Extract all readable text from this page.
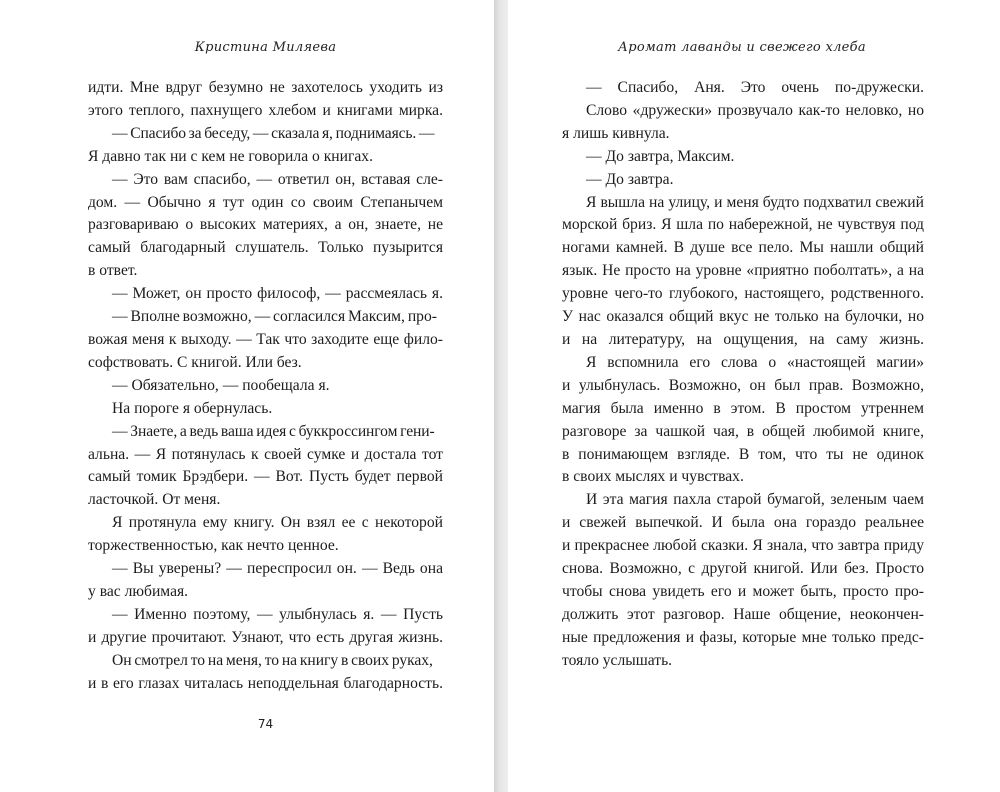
Кристина Миляева
идти. Мне вдруг безумно не захотелось уходить из
этого теплого, пахнущего хлебом и книгами мирка.
— Спасибо за беседу, — сказала я, поднимаясь. —
Я давно так ни с кем не говорила о книгах.
— Это вам спасибо, — ответил он, вставая сле-
дом. — Обычно я тут один со своим Степанычем
разговариваю о высоких материях, а он, знаете, не
самый благодарный слушатель. Только пузырится
в ответ.
— Может, он просто философ, — рассмеялась я.
— Вполне возможно, — согласился Максим, про-
вожая меня к выходу. — Так что заходите еще фило-
софствовать. С книгой. Или без.
— Обязательно, — пообещала я.
На пороге я обернулась.
— Знаете, а ведь ваша идея с буккроссингом гени-
альна. — Я потянулась к своей сумке и достала тот
самый томик Брэдбери. — Вот. Пусть будет первой
ласточкой. От меня.
Я протянула ему книгу. Он взял ее с некоторой
торжественностью, как нечто ценное.
— Вы уверены? — переспросил он. — Ведь она
у вас любимая.
— Именно поэтому, — улыбнулась я. — Пусть
и другие прочитают. Узнают, что есть другая жизнь.
Он смотрел то на меня, то на книгу в своих руках,
и в его глазах читалась неподдельная благодарность.
74
Аромат лаванды и свежего хлеба
— Спасибо, Аня. Это очень по-дружески.
Слово «дружески» прозвучало как-то неловко, но
я лишь кивнула.
— До завтра, Максим.
— До завтра.
Я вышла на улицу, и меня будто подхватил свежий
морской бриз. Я шла по набережной, не чувствуя под
ногами камней. В душе все пело. Мы нашли общий
язык. Не просто на уровне «приятно поболтать», а на
уровне чего-то глубокого, настоящего, родственного.
У нас оказался общий вкус не только на булочки, но
и на литературу, на ощущения, на саму жизнь.
Я вспомнила его слова о «настоящей магии»
и улыбнулась. Возможно, он был прав. Возможно,
магия была именно в этом. В простом утреннем
разговоре за чашкой чая, в общей любимой книге,
в понимающем взгляде. В том, что ты не одинок
в своих мыслях и чувствах.
И эта магия пахла старой бумагой, зеленым чаем
и свежей выпечкой. И была она гораздо реальнее
и прекраснее любой сказки. Я знала, что завтра приду
снова. Возможно, с другой книгой. Или без. Просто
чтобы снова увидеть его и может быть, просто про-
должить этот разговор. Наше общение, неокончен-
ные предложения и фазы, которые мне только предс-
тояло услышать.
